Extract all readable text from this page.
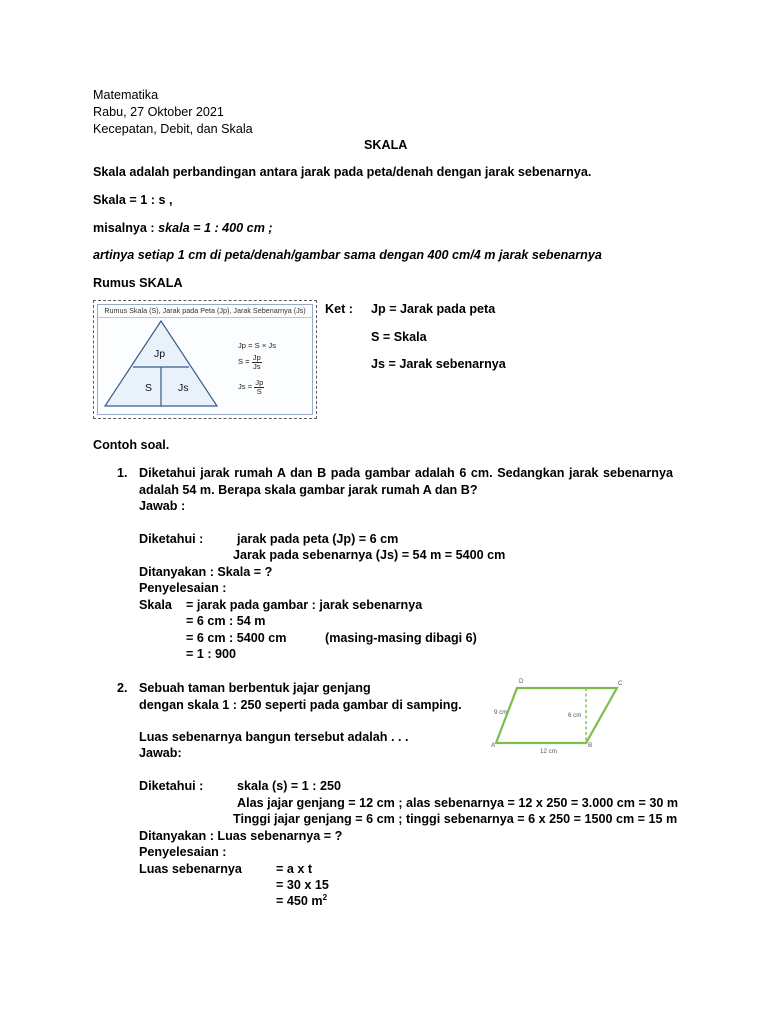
Matematika
Rabu, 27 Oktober 2021
Kecepatan, Debit, dan Skala
SKALA
Skala adalah perbandingan antara jarak pada peta/denah dengan jarak sebenarnya.
Skala = 1 : s ,
misalnya : skala = 1 : 400 cm ;
artinya setiap 1 cm di peta/denah/gambar sama dengan 400 cm/4 m jarak sebenarnya
Rumus SKALA
Rumus Skala (S), Jarak pada Peta (Jp), Jarak Sebenarnya (Js)
Jp
S Js
Jp = S × Js
$S = \frac{Jp}{Js}$
$Js = \frac{Jp}{S}$
Ket : Jp = Jarak pada peta
S = Skala
Js = Jarak sebenarnya
Contoh soal.
1. Diketahui jarak rumah A dan B pada gambar adalah 6 cm. Sedangkan jarak sebenarnya
adalah 54 m. Berapa skala gambar jarak rumah A dan B?
Jawab :
Diketahui :	jarak pada peta (Jp) = 6 cm
Jarak pada sebenarnya (Js) = 54 m = 5400 cm
Ditanyakan : Skala = ?
Penyelesaian :
Skala = jarak pada gambar : jarak sebenarnya
= 6 cm : 54 m
= 6 cm : 5400 cm	(masing-masing dibagi 6)
= 1 : 900
2. Sebuah taman berbentuk jajar genjang
dengan skala 1 : 250 seperti pada gambar di samping.
Luas sebenarnya bangun tersebut adalah . . .
Jawab:
Diketahui :	skala (s) = 1 : 250
Alas jajar genjang = 12 cm ; alas sebenarnya = 12 x 250 = 3.000 cm = 30 m
Tinggi jajar genjang = 6 cm ; tinggi sebenarnya = 6 x 250 = 1500 cm = 15 m
Ditanyakan : Luas sebenarnya = ?
Penyelesaian :
Luas sebenarnya	= a x t
= 30 x 15
= 450 $m^2$
D	C
A	B
9 cm	6 cm
12 cm
